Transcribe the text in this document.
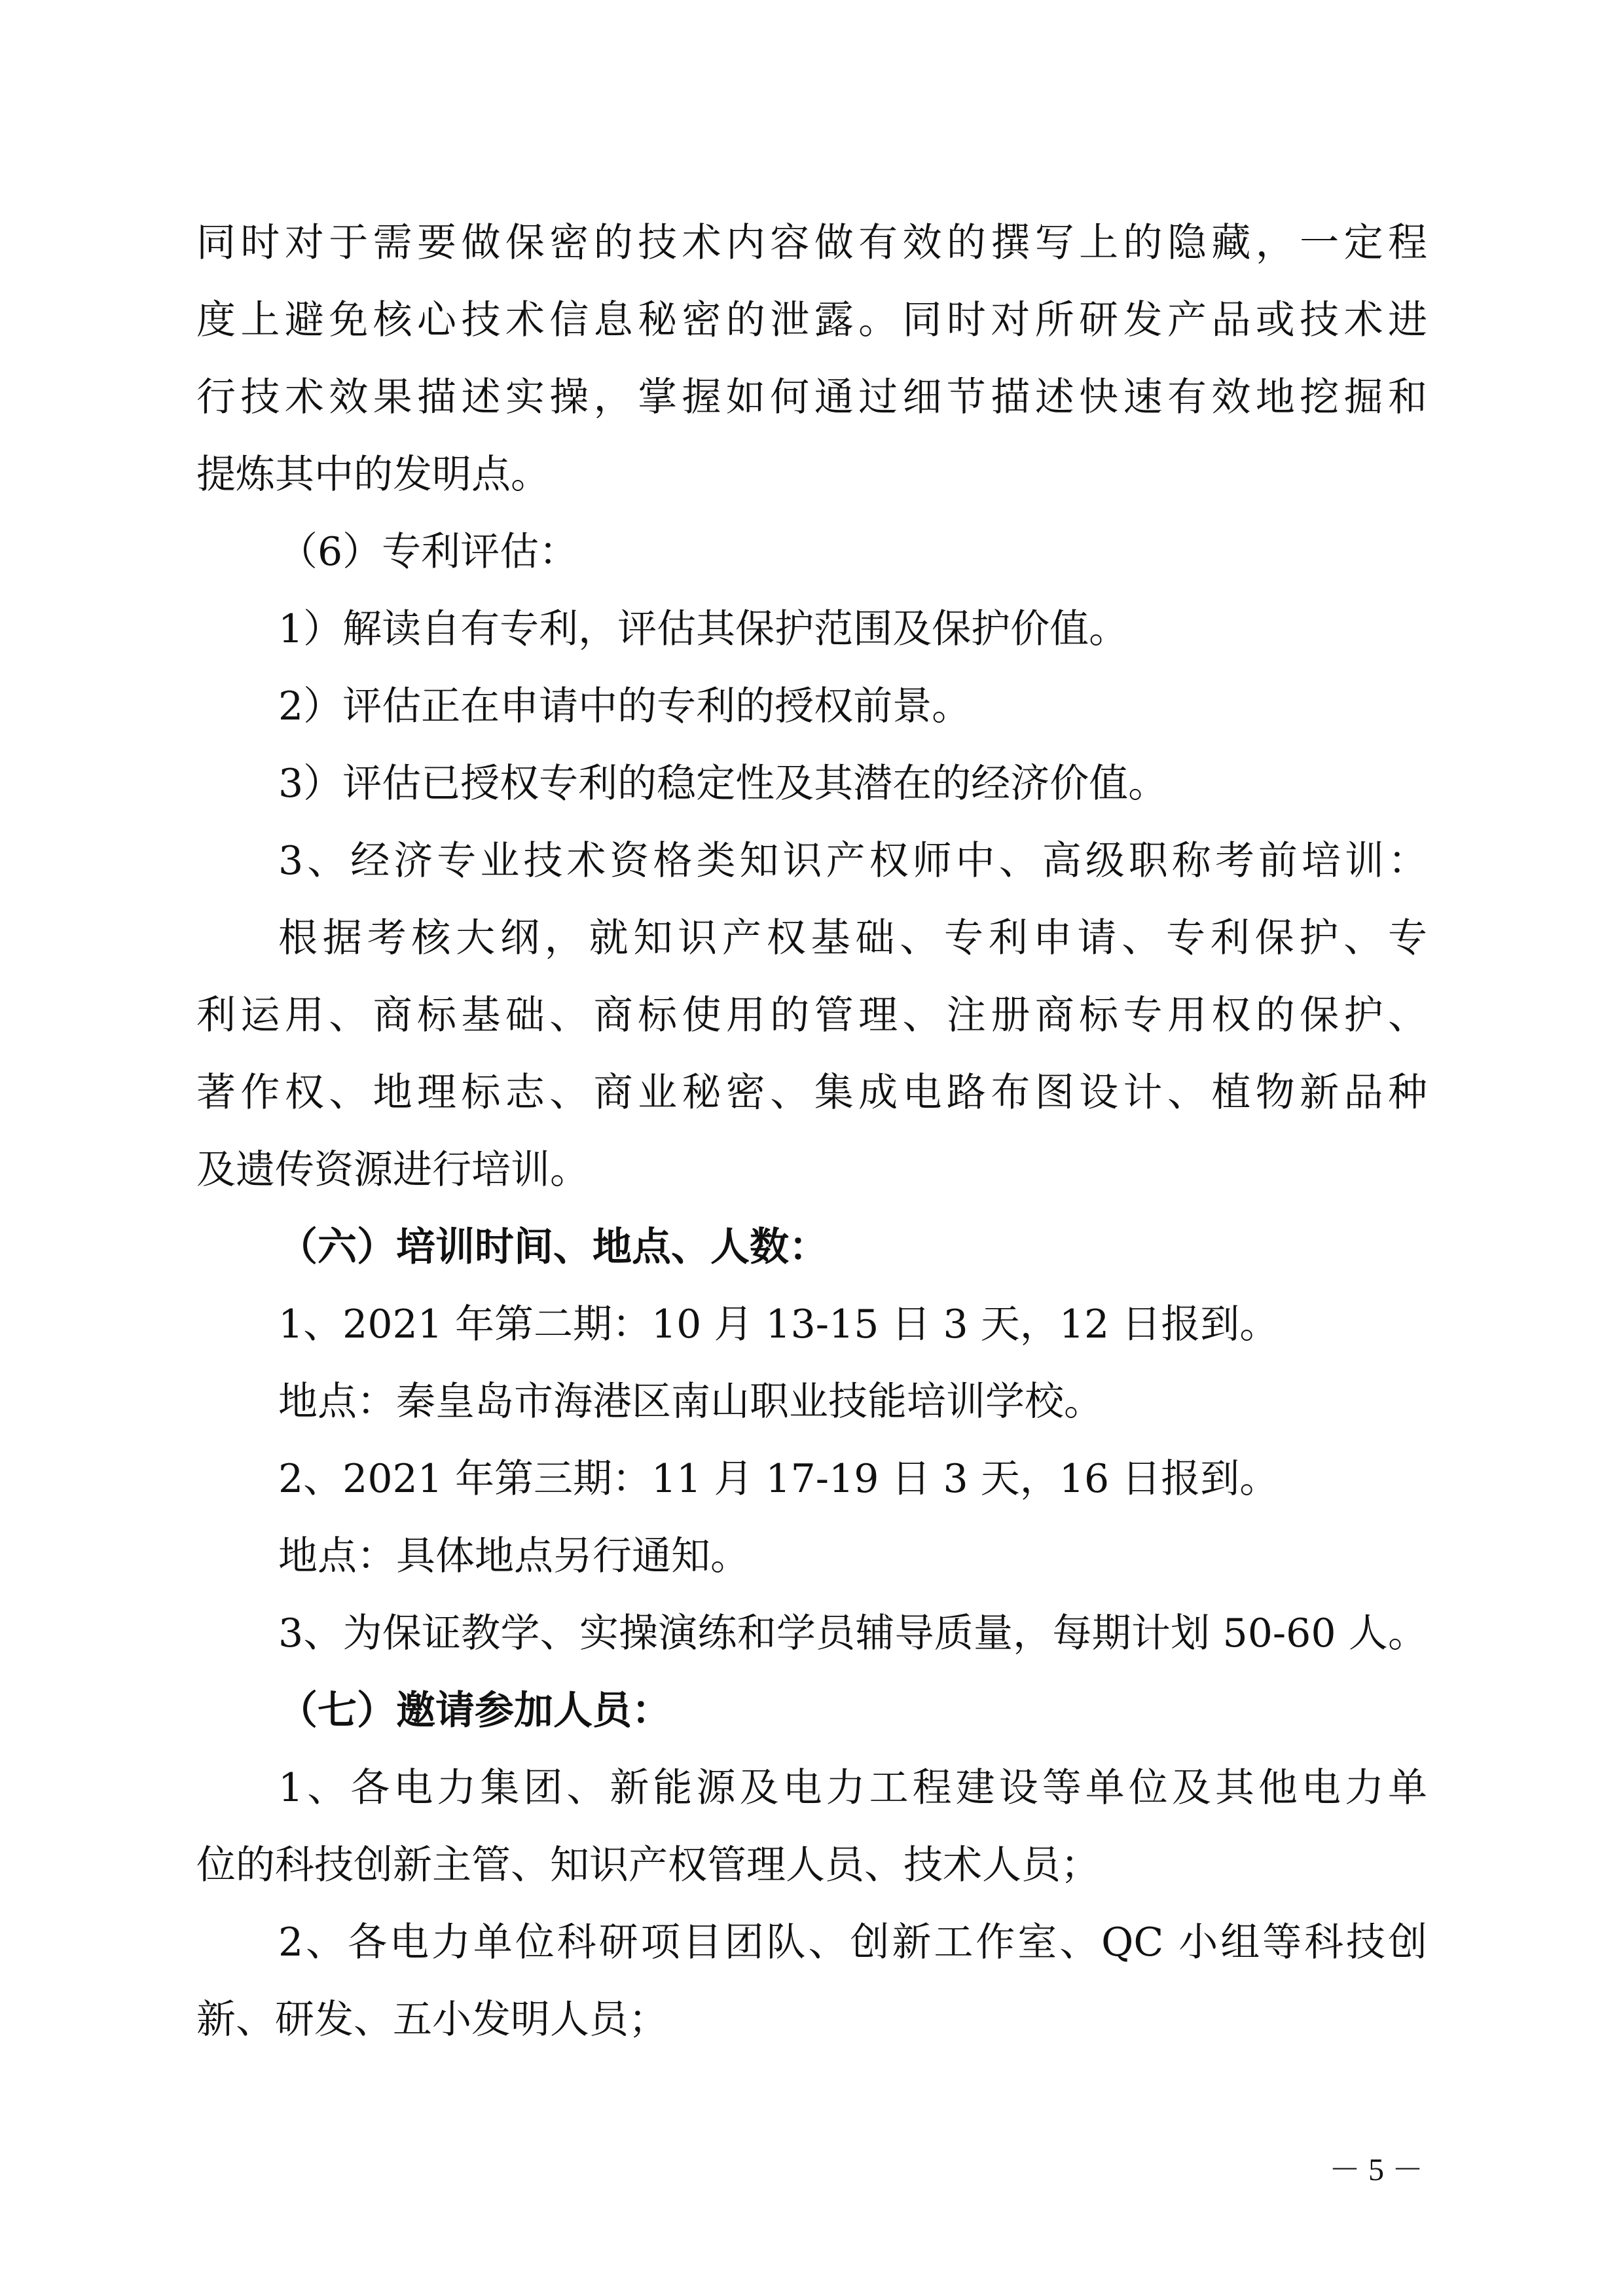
同时对于需要做保密的技术内容做有效的撰写上的隐藏，一定程
度上避免核心技术信息秘密的泄露。同时对所研发产品或技术进
行技术效果描述实操，掌握如何通过细节描述快速有效地挖掘和
提炼其中的发明点。
（6）专利评估：
1）解读自有专利，评估其保护范围及保护价值。
2）评估正在申请中的专利的授权前景。
3）评估已授权专利的稳定性及其潜在的经济价值。
3、经济专业技术资格类知识产权师中、高级职称考前培训：
根据考核大纲，就知识产权基础、专利申请、专利保护、专
利运用、商标基础、商标使用的管理、注册商标专用权的保护、
著作权、地理标志、商业秘密、集成电路布图设计、植物新品种
及遗传资源进行培训。
（六）培训时间、地点、人数：
1、2021 年第二期：10 月 13-15 日 3 天，12 日报到。
地点：秦皇岛市海港区南山职业技能培训学校。
2、2021 年第三期：11 月 17-19 日 3 天，16 日报到。
地点：具体地点另行通知。
3、为保证教学、实操演练和学员辅导质量，每期计划 50-60 人。
（七）邀请参加人员：
1、各电力集团、新能源及电力工程建设等单位及其他电力单
位的科技创新主管、知识产权管理人员、技术人员；
2、各电力单位科研项目团队、创新工作室、QC 小组等科技创
新、研发、五小发明人员；
－ 5 －
